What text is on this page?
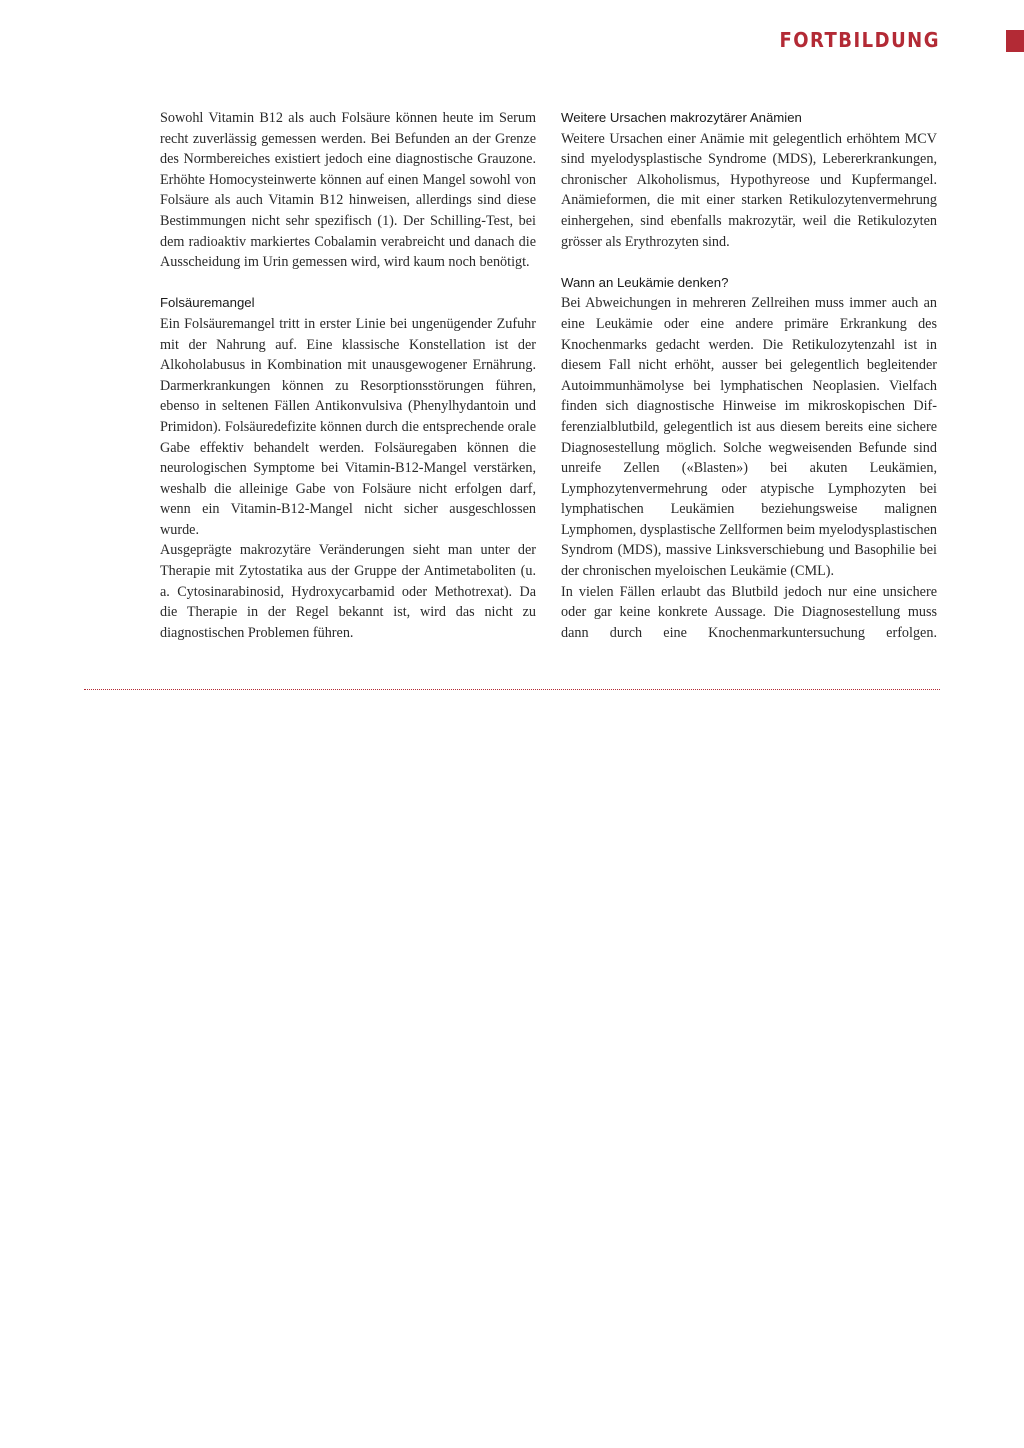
FORTBILDUNG

Sowohl Vitamin B12 als auch Folsäure können heute im Serum recht zuverlässig gemessen werden. Bei Befunden an der Grenze des Normbereiches existiert jedoch eine diagnostische Grauzone. Erhöhte Homocysteinwerte können auf einen Mangel sowohl von Folsäure als auch Vitamin B12 hinweisen, allerdings sind diese Bestimmungen nicht sehr spezifisch (1). Der Schilling-Test, bei dem radioaktiv markiertes Cobalamin verabreicht und danach die Ausscheidung im Urin gemessen wird, wird kaum noch benötigt.

Folsäuremangel

Ein Folsäuremangel tritt in erster Linie bei ungenügender Zufuhr mit der Nahrung auf. Eine klassische Konstellation ist der Alkoholabusus in Kombination mit unausgewogener Ernährung. Darmerkrankungen können zu Resorptionsstörungen führen, ebenso in seltenen Fällen Antikonvulsiva (Phenylhydantoin und Primidon). Folsäuredefizite können durch die entsprechende orale Gabe effektiv behandelt werden. Folsäuregaben können die neurologischen Symptome bei Vitamin-B12-Mangel verstärken, weshalb die alleinige Gabe von Folsäure nicht erfolgen darf, wenn ein Vitamin-B12-Mangel nicht sicher ausgeschlossen wurde.

Ausgeprägte makrozytäre Veränderungen sieht man unter der Therapie mit Zytostatika aus der Gruppe der Antimetaboliten (u. a. Cytosinarabinosid, Hydroxycarbamid oder Methotrexat). Da die Therapie in der Regel bekannt ist, wird das nicht zu diagnostischen Problemen führen.

Weitere Ursachen makrozytärer Anämien

Weitere Ursachen einer Anämie mit gelegentlich erhöhtem MCV sind myelodysplastische Syndrome (MDS), Lebererkrankungen, chronischer Alkoholismus, Hypothyreose und Kupfermangel. Anämieformen, die mit einer starken Retikulozytenvermehrung einhergehen, sind ebenfalls makrozytär, weil die Retikulozyten grösser als Erythrozyten sind.

Wann an Leukämie denken?

Bei Abweichungen in mehreren Zellreihen muss immer auch an eine Leukämie oder eine andere primäre Erkrankung des Knochenmarks gedacht werden. Die Retikulozytenzahl ist in diesem Fall nicht erhöht, ausser bei gelegentlich begleitender Autoimmunhämolyse bei lymphatischen Neoplasien. Vielfach finden sich diagnostische Hinweise im mikroskopischen Differenzialblutbild, gelegentlich ist aus diesem bereits eine sichere Diagnosestellung möglich. Solche wegweisenden Befunde sind unreife Zellen («Blasten») bei akuten Leukämien, Lymphozytenvermehrung oder atypische Lymphozyten bei lymphatischen Leukämien beziehungsweise malignen Lymphomen, dysplastische Zellformen beim myelodysplastischen Syndrom (MDS), massive Linksverschiebung und Basophilie bei der chronischen myeloischen Leukämie (CML).

In vielen Fällen erlaubt das Blutbild jedoch nur eine unsichere oder gar keine konkrete Aussage. Die Diagnosestellung muss dann durch eine Knochenmarkuntersuchung erfolgen.
